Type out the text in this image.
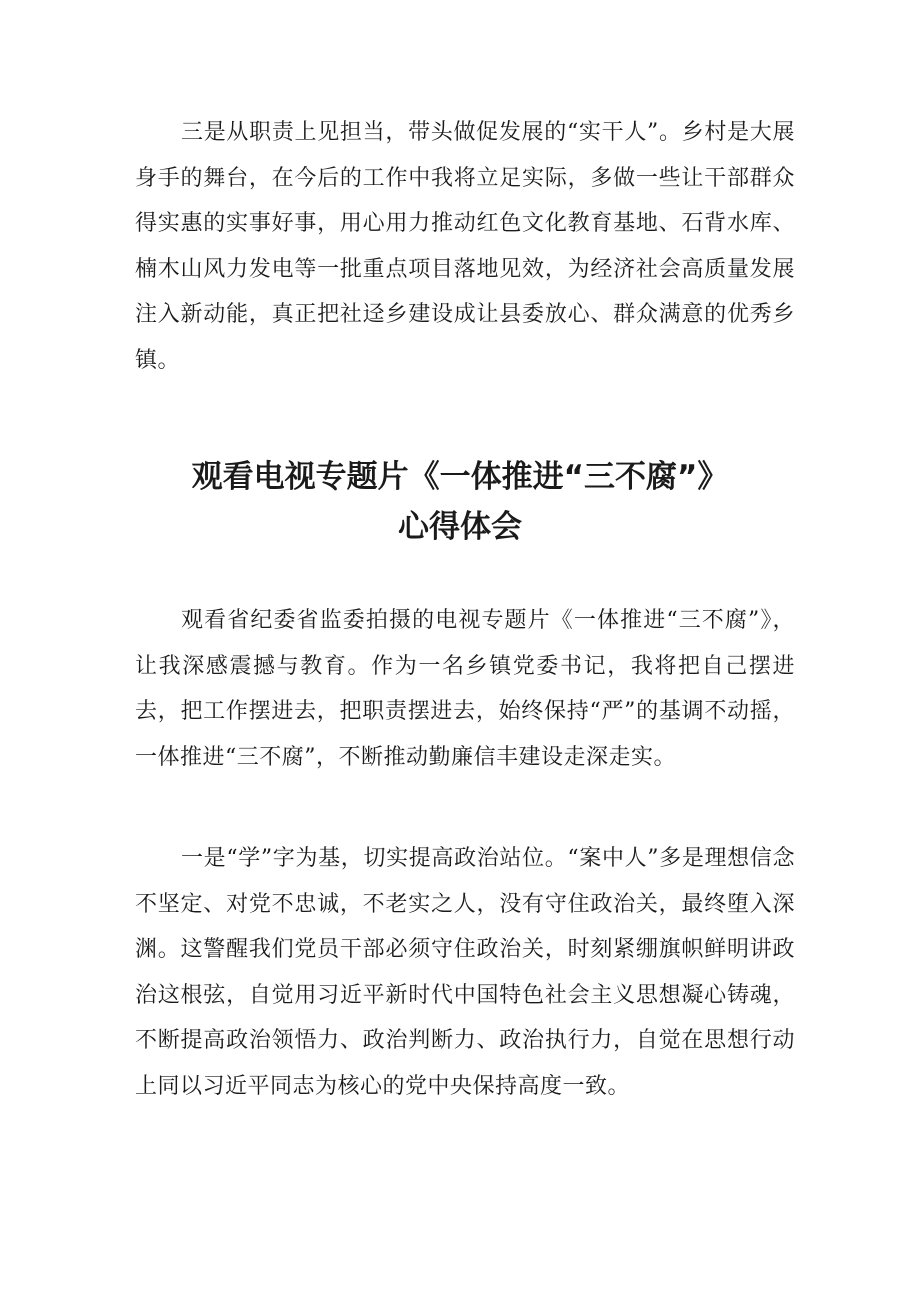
三是从职责上见担当，带头做促发展的“实干人”。乡村是大展身手的舞台，在今后的工作中我将立足实际，多做一些让干部群众得实惠的实事好事，用心用力推动红色文化教育基地、石背水库、楠木山风力发电等一批重点项目落地见效，为经济社会高质量发展注入新动能，真正把社迳乡建设成让县委放心、群众满意的优秀乡镇。

观看电视专题片《一体推进“三不腐”》
心得体会

观看省纪委省监委拍摄的电视专题片《一体推进“三不腐”》，让我深感震撼与教育。作为一名乡镇党委书记，我将把自己摆进去，把工作摆进去，把职责摆进去，始终保持“严”的基调不动摇，一体推进“三不腐”，不断推动勤廉信丰建设走深走实。

一是“学”字为基，切实提高政治站位。“案中人”多是理想信念不坚定、对党不忠诚，不老实之人，没有守住政治关，最终堕入深渊。这警醒我们党员干部必须守住政治关，时刻紧绷旗帜鲜明讲政治这根弦，自觉用习近平新时代中国特色社会主义思想凝心铸魂，不断提高政治领悟力、政治判断力、政治执行力，自觉在思想行动上同以习近平同志为核心的党中央保持高度一致。
